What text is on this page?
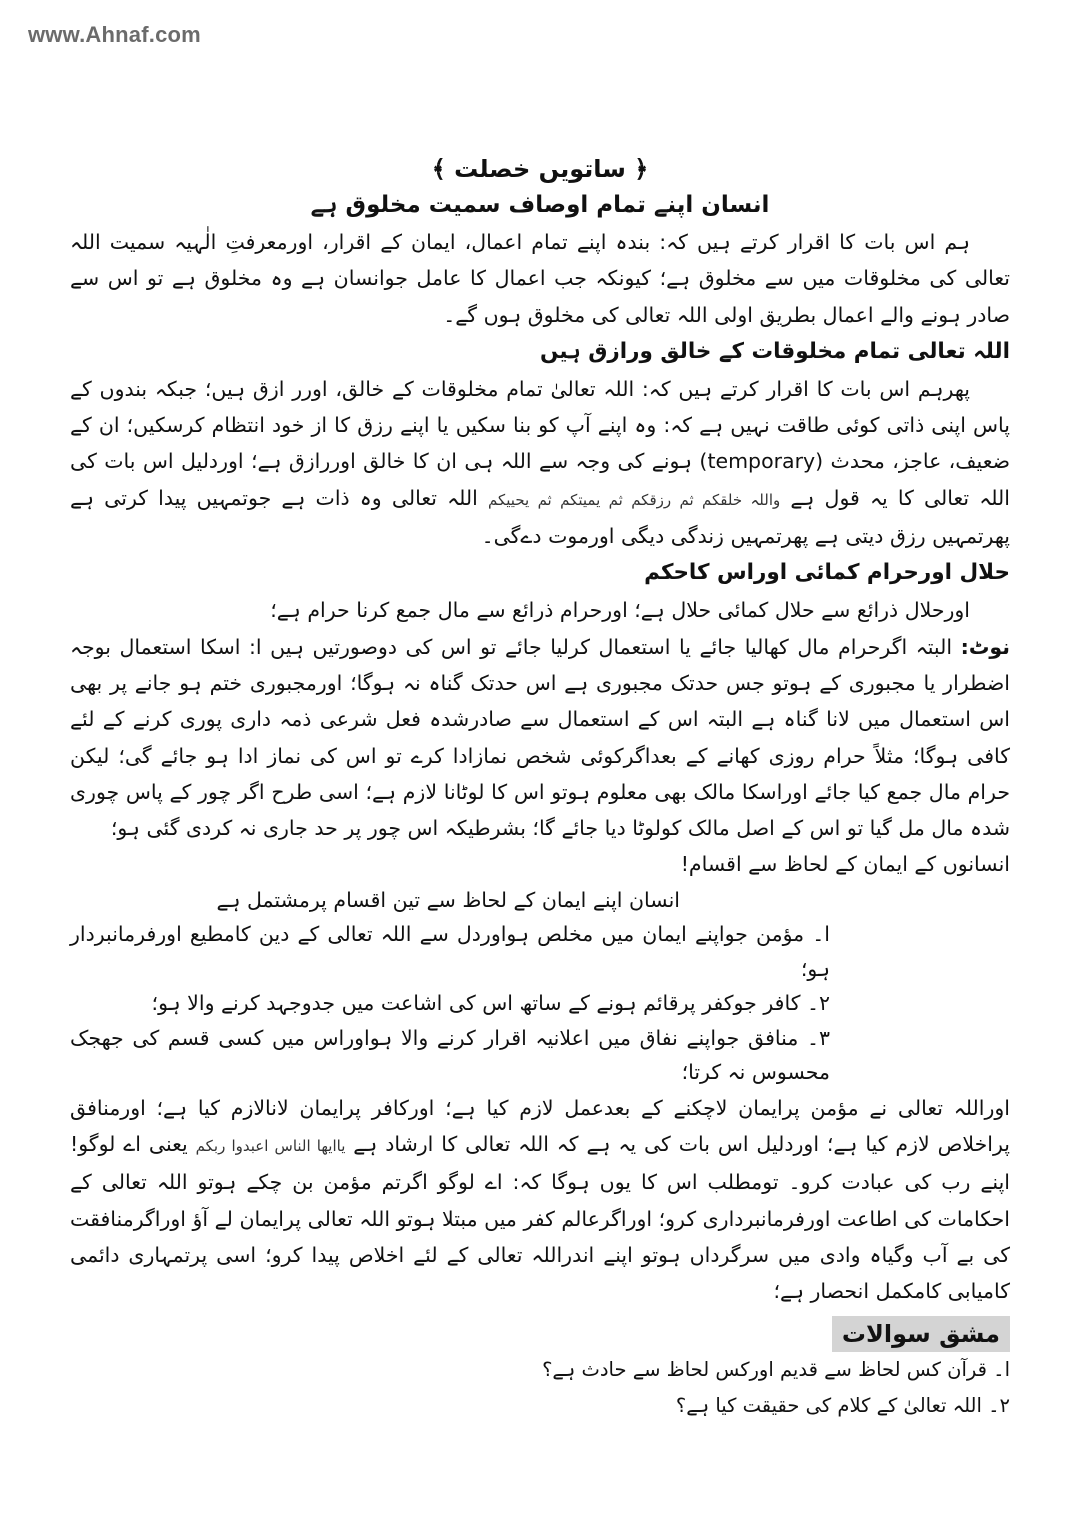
www.Ahnaf.com
﴿ ساتویں خصلت ﴾
انسان اپنے تمام اوصاف سمیت مخلوق ہے

ہم اس بات کا اقرار کرتے ہیں کہ: بندہ اپنے تمام اعمال، ایمان کے اقرار، اورمعرفتِ الٰہیہ سمیت اللہ تعالی کی مخلوقات میں سے مخلوق ہے؛ کیونکہ جب اعمال کا عامل جوانسان ہے وہ مخلوق ہے تو اس سے صادر ہونے والے اعمال بطریق اولی اللہ تعالی کی مخلوق ہوں گے۔

اللہ تعالی تمام مخلوقات کے خالق ورازق ہیں

پھرہم اس بات کا اقرار کرتے ہیں کہ: اللہ تعالیٰ تمام مخلوقات کے خالق، اورر ازق ہیں؛ جبکہ بندوں کے پاس اپنی ذاتی کوئی طاقت نہیں ہے کہ: وہ اپنے آپ کو بنا سکیں یا اپنے رزق کا از خود انتظام کرسکیں؛ ان کے ضعیف، عاجز، محدث (temporary) ہونے کی وجہ سے اللہ ہی ان کا خالق اوررازق ہے؛ اوردلیل اس بات کی اللہ تعالی کا یہ قول ہے واللہ خلقکم ثم رزقکم ثم یمیتکم ثم یحییکم اللہ تعالی وہ ذات ہے جوتمہیں پیدا کرتی ہے پھرتمہیں رزق دیتی ہے پھرتمہیں زندگی دیگی اورموت دےگی۔

حلال اورحرام کمائی اوراس کاحکم

اورحلال ذرائع سے حلال کمائی حلال ہے؛ اورحرام ذرائع سے مال جمع کرنا حرام ہے؛

نوٹ: البتہ اگرحرام مال کھالیا جائے یا استعمال کرلیا جائے تو اس کی دوصورتیں ہیں ا: اسکا استعمال بوجہ اضطرار یا مجبوری کے ہوتو جس حدتک مجبوری ہے اس حدتک گناہ نہ ہوگا؛ اورمجبوری ختم ہو جانے پر بھی اس استعمال میں لانا گناہ ہے البتہ اس کے استعمال سے صادرشدہ فعل شرعی ذمہ داری پوری کرنے کے لئے کافی ہوگا؛ مثلاً حرام روزی کھانے کے بعداگرکوئی شخص نمازادا کرے تو اس کی نماز ادا ہو جائے گی؛ لیکن حرام مال جمع کیا جائے اوراسکا مالک بھی معلوم ہوتو اس کا لوٹانا لازم ہے؛ اسی طرح اگر چور کے پاس چوری شدہ مال مل گیا تو اس کے اصل مالک کولوٹا دیا جائے گا؛ بشرطیکہ اس چور پر حد جاری نہ کردی گئی ہو؛

انسانوں کے ایمان کے لحاظ سے اقسام!

انسان اپنے ایمان کے لحاظ سے تین اقسام پرمشتمل ہے

ا۔ مؤمن جواپنے ایمان میں مخلص ہواوردل سے اللہ تعالی کے دین کامطیع اورفرمانبردار ہو؛

۲۔ کافر جوکفر پرقائم ہونے کے ساتھ اس کی اشاعت میں جدوجہد کرنے والا ہو؛

۳۔ منافق جواپنے نفاق میں اعلانیہ اقرار کرنے والا ہواوراس میں کسی قسم کی جھجک محسوس نہ کرتا؛

اوراللہ تعالی نے مؤمن پرایمان لاچکنے کے بعدعمل لازم کیا ہے؛ اورکافر پرایمان لانالازم کیا ہے؛ اورمنافق پراخلاص لازم کیا ہے؛ اوردلیل اس بات کی یہ ہے کہ اللہ تعالی کا ارشاد ہے یاایھا الناس اعبدوا ربکم یعنی اے لوگو! اپنے رب کی عبادت کرو۔ تومطلب اس کا یوں ہوگا کہ: اے لوگو اگرتم مؤمن بن چکے ہوتو اللہ تعالی کے احکامات کی اطاعت اورفرمانبرداری کرو؛ اوراگرعالم کفر میں مبتلا ہوتو اللہ تعالی پرایمان لے آؤ اوراگرمنافقت کی بے آب وگیاہ وادی میں سرگرداں ہوتو اپنے اندراللہ تعالی کے لئے اخلاص پیدا کرو؛ اسی پرتمہاری دائمی کامیابی کامکمل انحصار ہے؛

مشق سوالات

ا۔ قرآن کس لحاظ سے قدیم اورکس لحاظ سے حادث ہے؟

۲۔ اللہ تعالیٰ کے کلام کی حقیقت کیا ہے؟
